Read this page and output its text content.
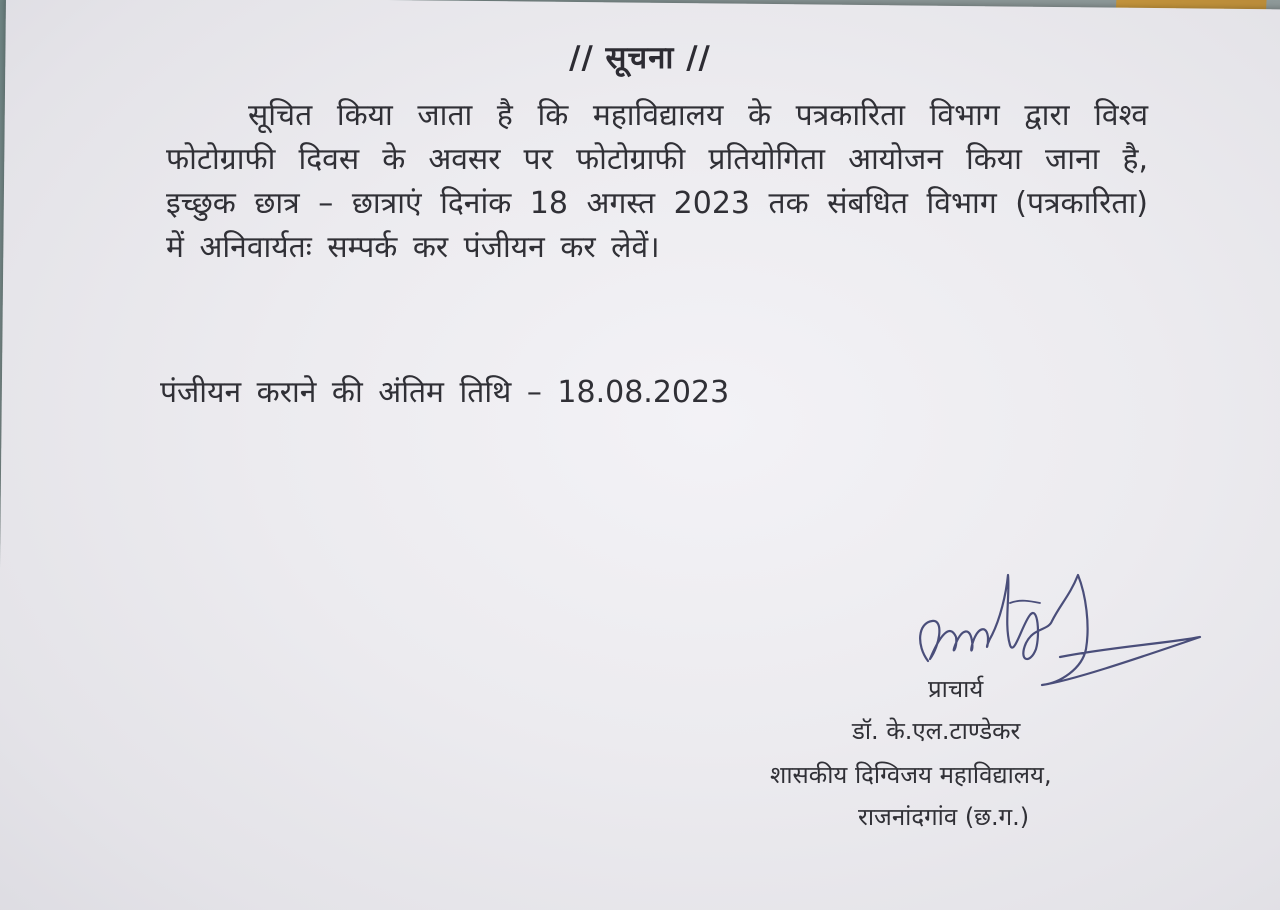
// सूचना //
सूचित किया जाता है कि महाविद्यालय के पत्रकारिता विभाग द्वारा विश्व फोटोग्राफी दिवस के अवसर पर फोटोग्राफी प्रतियोगिता आयोजन किया जाना है, इच्छुक छात्र – छात्राएं दिनांक 18 अगस्त 2023 तक संबधित विभाग (पत्रकारिता) में अनिवार्यतः सम्पर्क कर पंजीयन कर लेवें।
पंजीयन कराने की अंतिम तिथि – 18.08.2023
प्राचार्य
डॉ. के.एल.टाण्डेकर
शासकीय दिग्विजय महाविद्यालय,
राजनांदगांव (छ.ग.)
